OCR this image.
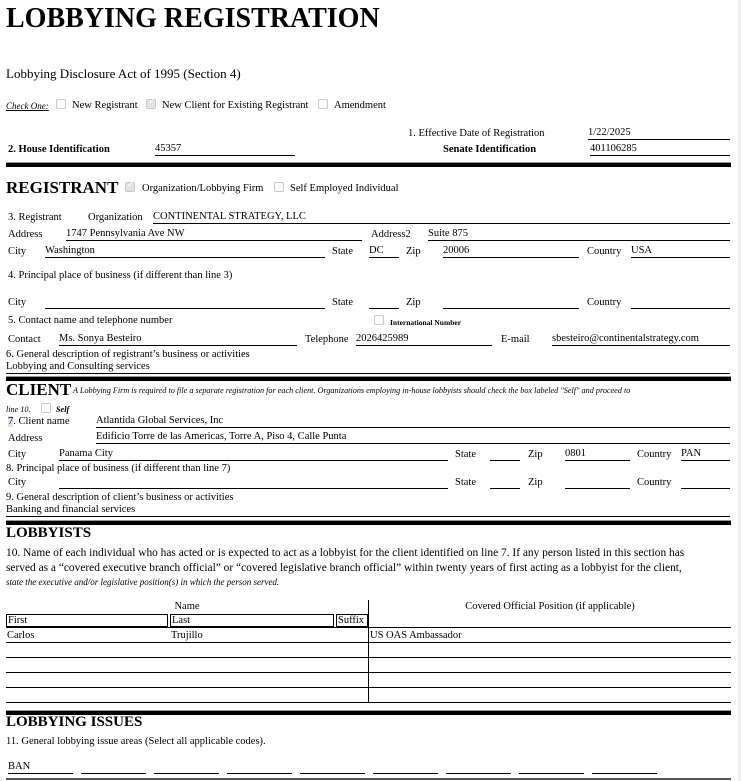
LOBBYING REGISTRATION
Lobbying Disclosure Act of 1995 (Section 4)
Check One: New Registrant ✓ New Client for Existing Registrant Amendment
1. Effective Date of Registration	1/22/2025
2. House Identification	45357	Senate Identification	401106285
REGISTRANT ✓ Organization/Lobbying Firm	Self Employed Individual
3. Registrant	Organization CONTINENTAL STRATEGY, LLC
Address 1747 Pennsylvania Ave NW	Address2 Suite 875
City Washington	State DC	Zip 20006	Country USA
4. Principal place of business (if different than line 3)
City	State	Zip	Country
5. Contact name and telephone number	International Number
Contact Ms. Sonya Besteiro	Telephone 2026425989	E-mail sbesteiro@continentalstrategy.com
6. General description of registrant’s business or activities
Lobbying and Consulting services
CLIENT A Lobbying Firm is required to file a separate registration for each client. Organizations employing in-house lobbyists should check the box labeled "Self" and proceed to
line 10.	Self
7. Client name	Atlantida Global Services, Inc
Address	Edificio Torre de las Americas, Torre A, Piso 4, Calle Punta
City	Panama City	State	Zip 0801	Country PAN
8. Principal place of business (if different than line 7)
City	State	Zip	Country
9. General description of client’s business or activities
Banking and financial services
LOBBYISTS
10. Name of each individual who has acted or is expected to act as a lobbyist for the client identified on line 7. If any person listed in this section has
served as a “covered executive branch official” or “covered legislative branch official” within twenty years of first acting as a lobbyist for the client,
state the executive and/or legislative position(s) in which the person served.
Name			Covered Official Position (if applicable)
First	Last	Suffix	
Carlos	Trujillo		US OAS Ambassador

LOBBYING ISSUES
11. General lobbying issue areas (Select all applicable codes).
BAN
